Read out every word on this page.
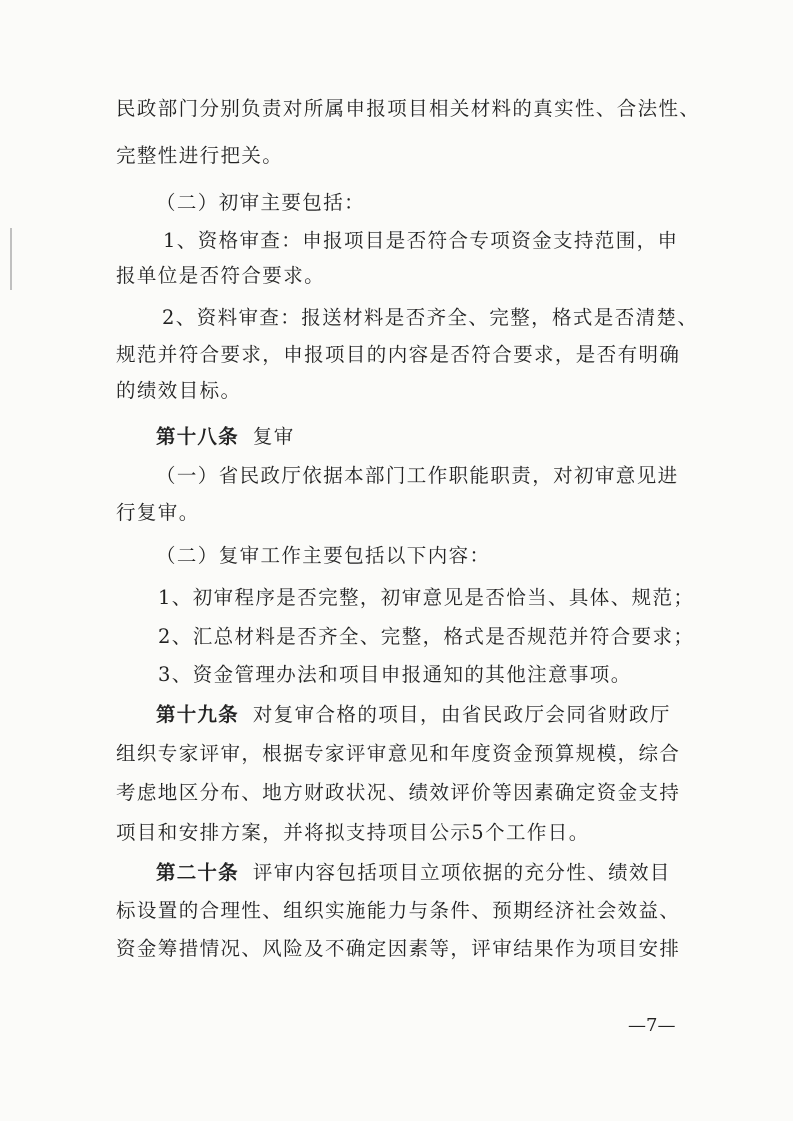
民政部门分别负责对所属申报项目相关材料的真实性、合法性、
完整性进行把关。
（二）初审主要包括：
1、资格审查：申报项目是否符合专项资金支持范围，申
报单位是否符合要求。
2、资料审查：报送材料是否齐全、完整，格式是否清楚、
规范并符合要求，申报项目的内容是否符合要求，是否有明确
的绩效目标。
第十八条 复审
（一）省民政厅依据本部门工作职能职责，对初审意见进
行复审。
（二）复审工作主要包括以下内容：
1、初审程序是否完整，初审意见是否恰当、具体、规范；
2、汇总材料是否齐全、完整，格式是否规范并符合要求；
3、资金管理办法和项目申报通知的其他注意事项。
第十九条 对复审合格的项目，由省民政厅会同省财政厅
组织专家评审，根据专家评审意见和年度资金预算规模，综合
考虑地区分布、地方财政状况、绩效评价等因素确定资金支持
项目和安排方案，并将拟支持项目公示5个工作日。
第二十条 评审内容包括项目立项依据的充分性、绩效目
标设置的合理性、组织实施能力与条件、预期经济社会效益、
资金筹措情况、风险及不确定因素等，评审结果作为项目安排
—7—
